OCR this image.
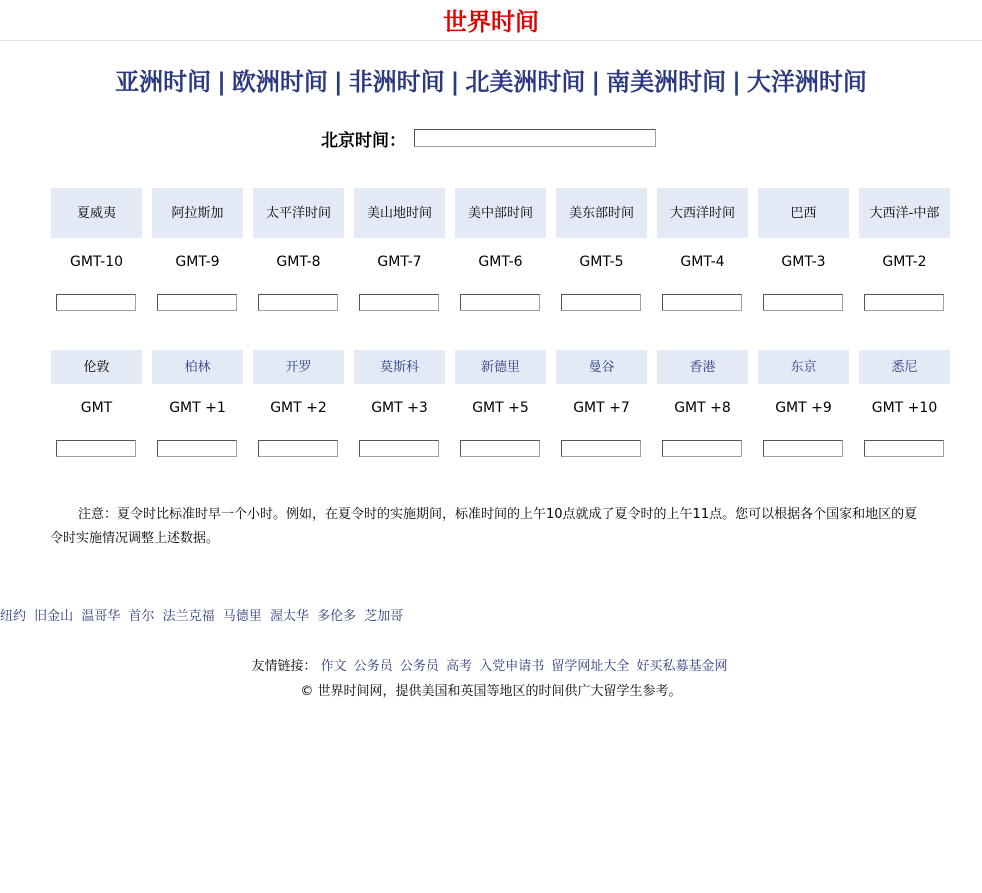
世界时间
亚洲时间 | 欧洲时间 | 非洲时间 | 北美洲时间 | 南美洲时间 | 大洋洲时间
北京时间：
夏威夷
GMT-10
阿拉斯加
GMT-9
太平洋时间
GMT-8
美山地时间
GMT-7
美中部时间
GMT-6
美东部时间
GMT-5
大西洋时间
GMT-4
巴西
GMT-3
大西洋-中部
GMT-2
伦敦
GMT
柏林
GMT +1
开罗
GMT +2
莫斯科
GMT +3
新德里
GMT +5
曼谷
GMT +7
香港
GMT +8
东京
GMT +9
悉尼
GMT +10
注意：夏令时比标准时早一个小时。例如，在夏令时的实施期间，标准时间的上午10点就成了夏令时的上午11点。您可以根据各个国家和地区的夏令时实施情况调整上述数据。
纽约 旧金山 温哥华 首尔 法兰克福 马德里 渥太华 多伦多 芝加哥
友情链接： 作文 公务员 公务员 高考 入党申请书 留学网址大全 好买私募基金网
© 世界时间网，提供美国和英国等地区的时间供广大留学生参考。
